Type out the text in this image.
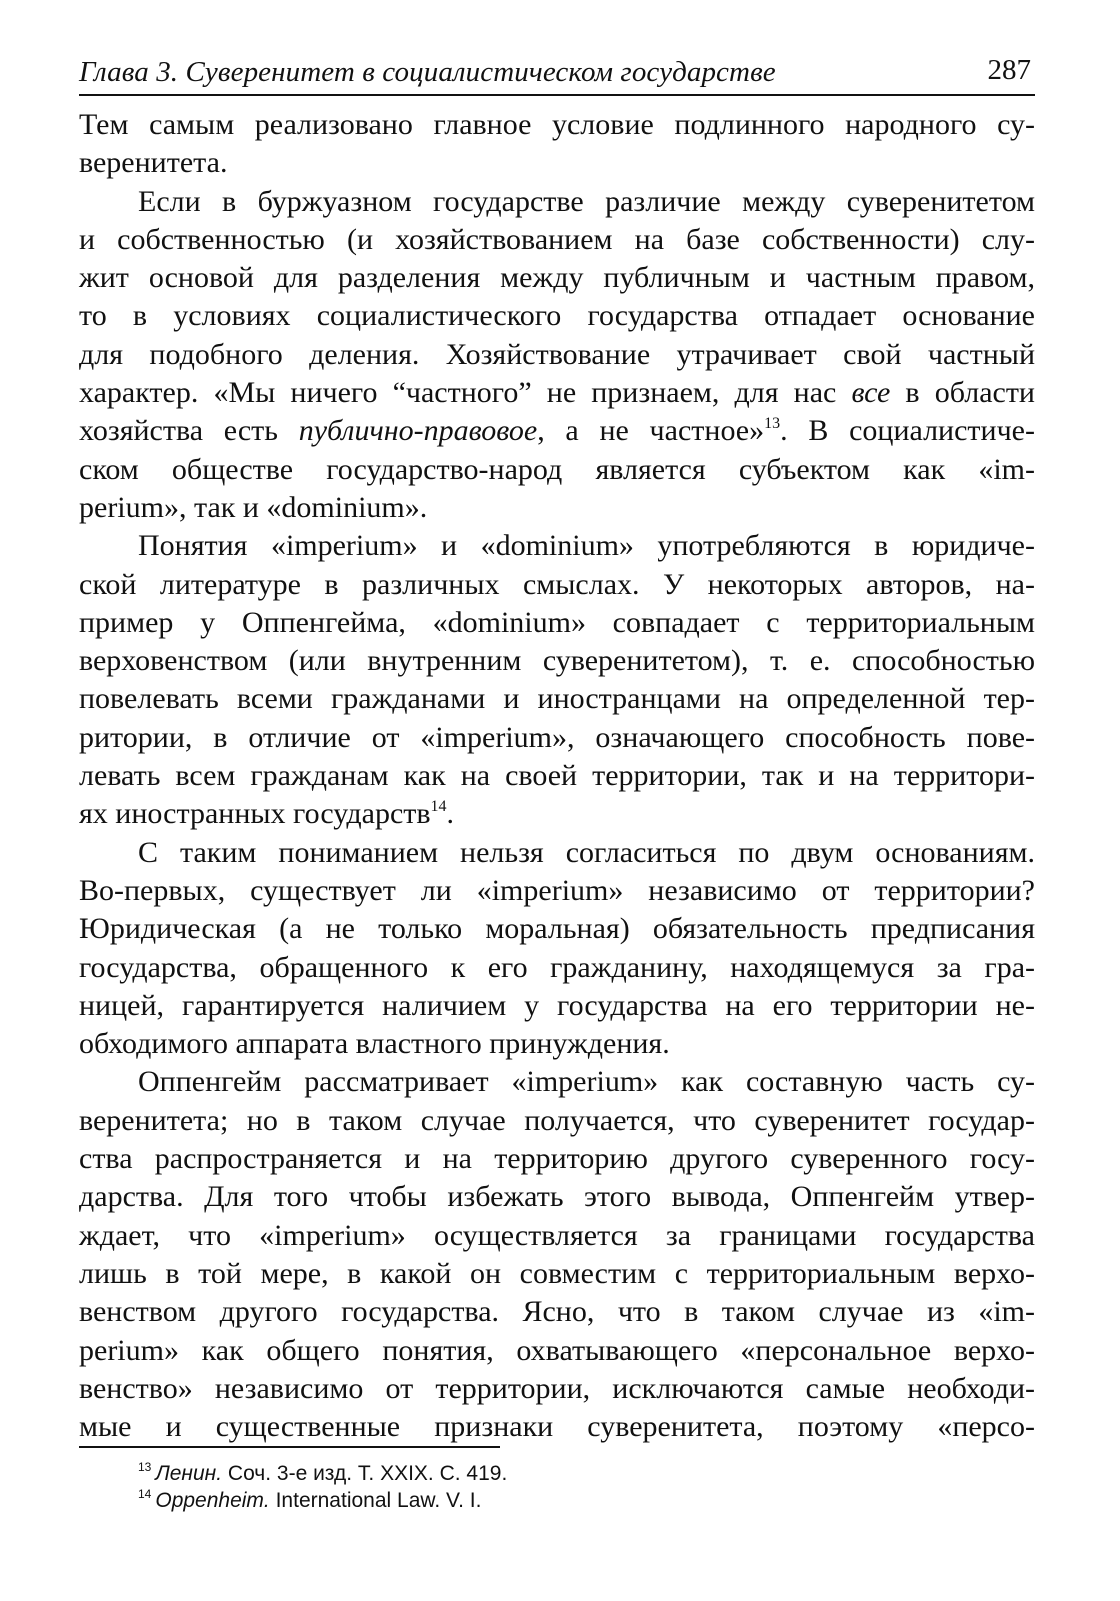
Глава 3. Суверенитет в социалистическом государстве	287
Тем самым реализовано главное условие подлинного народного су-
веренитета.
Если в буржуазном государстве различие между суверенитетом
и собственностью (и хозяйствованием на базе собственности) слу-
жит основой для разделения между публичным и частным правом,
то в условиях социалистического государства отпадает основание
для подобного деления. Хозяйствование утрачивает свой частный
характер. «Мы ничего “частного” не признаем, для нас все в области
хозяйства есть публично-правовое, а не частное»$^{13}$. В социалистиче-
ском обществе государство-народ является субъектом как «im-
perium», так и «dominium».
Понятия «imperium» и «dominium» употребляются в юридиче-
ской литературе в различных смыслах. У некоторых авторов, на-
пример у Оппенгейма, «dominium» совпадает с территориальным
верховенством (или внутренним суверенитетом), т. е. способностью
повелевать всеми гражданами и иностранцами на определенной тер-
ритории, в отличие от «imperium», означающего способность пове-
левать всем гражданам как на своей территории, так и на территори-
ях иностранных государств$^{14}$.
С таким пониманием нельзя согласиться по двум основаниям.
Во-первых, существует ли «imperium» независимо от территории?
Юридическая (а не только моральная) обязательность предписания
государства, обращенного к его гражданину, находящемуся за гра-
ницей, гарантируется наличием у государства на его территории не-
обходимого аппарата властного принуждения.
Оппенгейм рассматривает «imperium» как составную часть су-
веренитета; но в таком случае получается, что суверенитет государ-
ства распространяется и на территорию другого суверенного госу-
дарства. Для того чтобы избежать этого вывода, Оппенгейм утвер-
ждает, что «imperium» осуществляется за границами государства
лишь в той мере, в какой он совместим с территориальным верхо-
венством другого государства. Ясно, что в таком случае из «im-
perium» как общего понятия, охватывающего «персональное верхо-
венство» независимо от территории, исключаются самые необходи-
мые и существенные признаки суверенитета, поэтому «персо-
$^{13}$ Ленин. Соч. 3-е изд. Т. XXIX. С. 419.
$^{14}$ Oppenheim. International Law. V. I.
